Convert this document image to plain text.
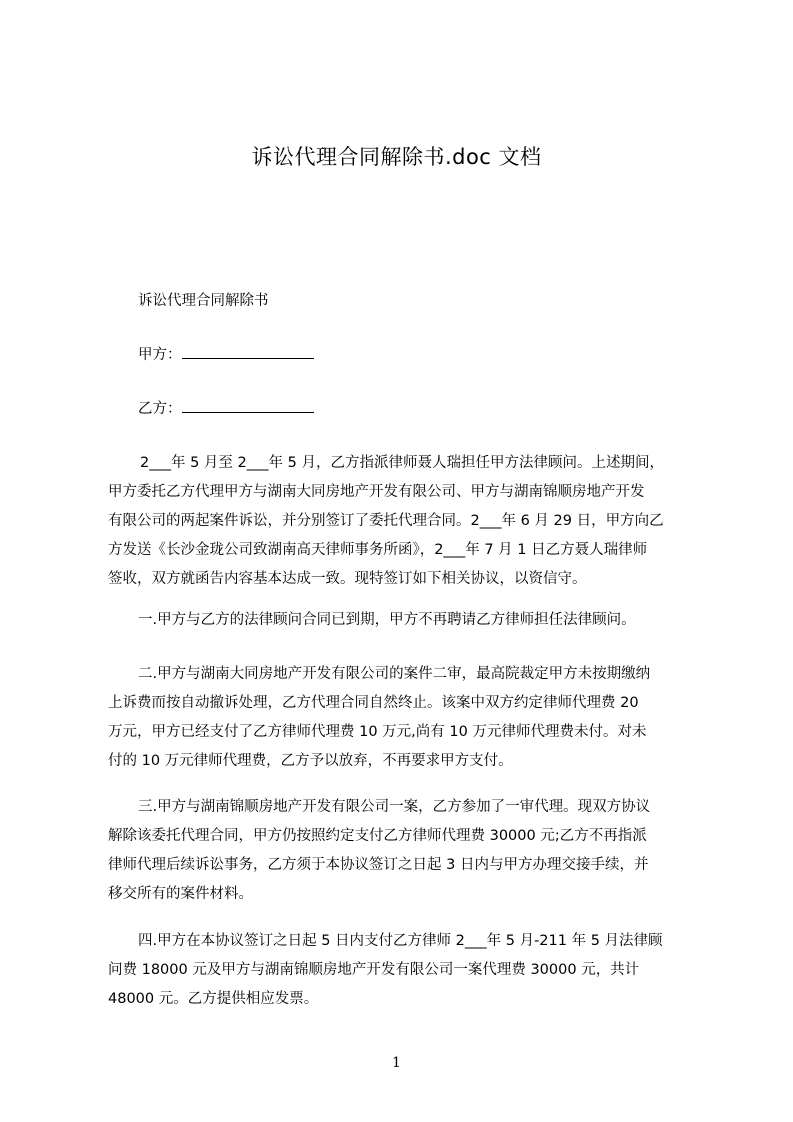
诉讼代理合同解除书.doc 文档
诉讼代理合同解除书
甲方：
乙方：
2___年 5 月至 2___年 5 月，乙方指派律师聂人瑞担任甲方法律顾问。上述期间，
甲方委托乙方代理甲方与湖南大同房地产开发有限公司、甲方与湖南锦顺房地产开发
有限公司的两起案件诉讼，并分别签订了委托代理合同。2___年 6 月 29 日，甲方向乙
方发送《长沙金珑公司致湖南高天律师事务所函》，2___年 7 月 1 日乙方聂人瑞律师
签收，双方就函告内容基本达成一致。现特签订如下相关协议，以资信守。
一.甲方与乙方的法律顾问合同已到期，甲方不再聘请乙方律师担任法律顾问。
二.甲方与湖南大同房地产开发有限公司的案件二审，最高院裁定甲方未按期缴纳
上诉费而按自动撤诉处理，乙方代理合同自然终止。该案中双方约定律师代理费 20
万元，甲方已经支付了乙方律师代理费 10 万元,尚有 10 万元律师代理费未付。对未
付的 10 万元律师代理费，乙方予以放弃，不再要求甲方支付。
三.甲方与湖南锦顺房地产开发有限公司一案，乙方参加了一审代理。现双方协议
解除该委托代理合同，甲方仍按照约定支付乙方律师代理费 30000 元;乙方不再指派
律师代理后续诉讼事务，乙方须于本协议签订之日起 3 日内与甲方办理交接手续，并
移交所有的案件材料。
四.甲方在本协议签订之日起 5 日内支付乙方律师 2___年 5 月-211 年 5 月法律顾
问费 18000 元及甲方与湖南锦顺房地产开发有限公司一案代理费 30000 元，共计
48000 元。乙方提供相应发票。
1
